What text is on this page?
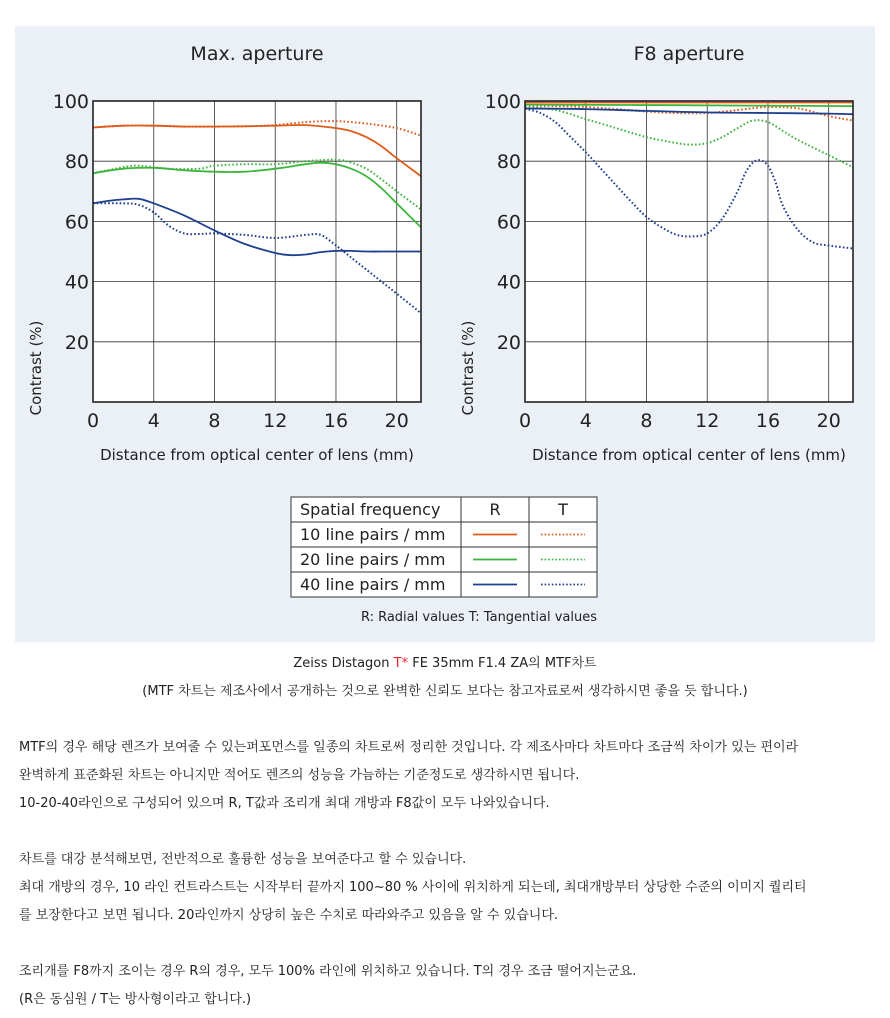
20
40
60
80
100
0	4	8 12 16 20
Max. aperture
Distance from optical center of lens (mm)
Contrast (%)	20
40
60
80
100
0	4	8 12 16 20
F8 aperture
Distance from optical center of lens (mm)
Contrast (%)
Spatial frequency	R	T
10 line pairs / mm
20 line pairs / mm
40 line pairs / mm
R: Radial values T: Tangential values
Zeiss Distagon T* FE 35mm F1.4 ZA의 MTF차트
(MTF 차트는 제조사에서 공개하는 것으로 완벽한 신뢰도 보다는 참고자료로써 생각하시면 좋을 듯 합니다.)

MTF의 경우 해당 렌즈가 보여줄 수 있는퍼포먼스를 일종의 차트로써 정리한 것입니다. 각 제조사마다 차트마다 조금씩 차이가 있는 편이라

완벽하게 표준화된 차트는 아니지만 적어도 렌즈의 성능을 가늠하는 기준정도로 생각하시면 됩니다.

10-20-40라인으로 구성되어 있으며 R, T값과 조리개 최대 개방과 F8값이 모두 나와있습니다.

차트를 대강 분석해보면, 전반적으로 훌륭한 성능을 보여준다고 할 수 있습니다.

최대 개방의 경우, 10 라인 컨트라스트는 시작부터 끝까지 100~80 % 사이에 위치하게 되는데, 최대개방부터 상당한 수준의 이미지 퀄리티

를 보장한다고 보면 됩니다. 20라인까지 상당히 높은 수치로 따라와주고 있음을 알 수 있습니다.

조리개를 F8까지 조이는 경우 R의 경우, 모두 100% 라인에 위치하고 있습니다. T의 경우 조금 떨어지는군요.

(R은 동심원 / T는 방사형이라고 합니다.)
